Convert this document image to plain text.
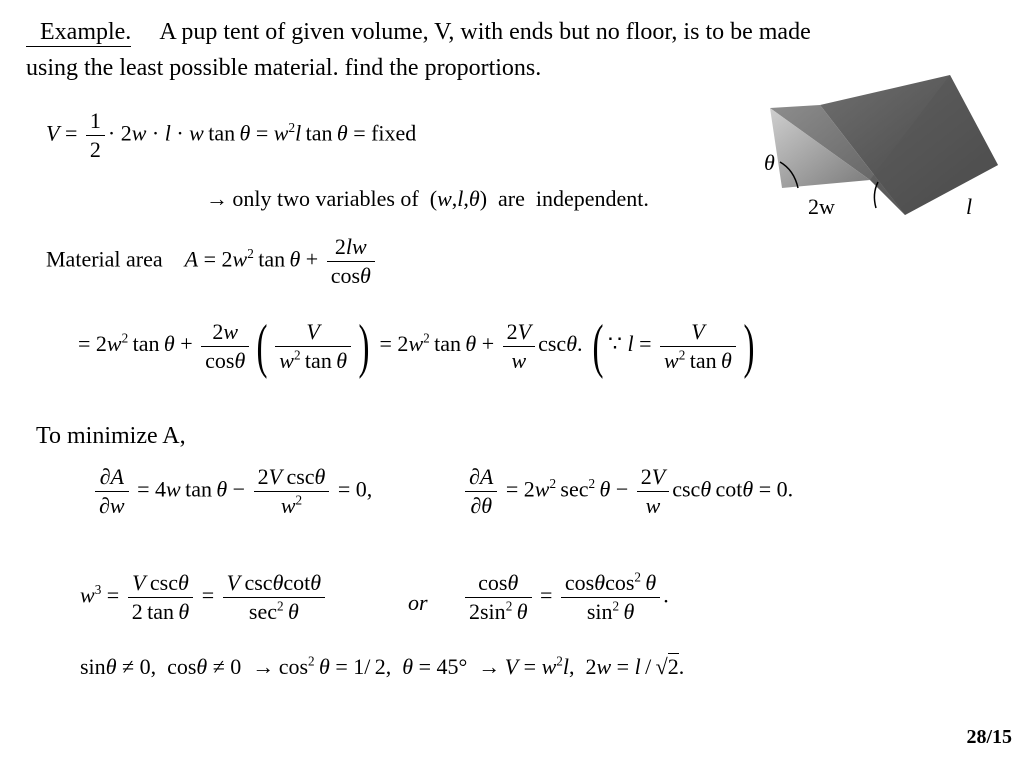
Example. A pup tent of given volume, V, with ends but no floor, is to be made
using the least possible material. find the proportions.
$V = \frac{1}{2} \cdot 2w \cdot l \cdot w$ $\tan \theta = w^2l$ tan θ = fixed
→ only two variables of  (w,l,θ)  are  independent.
θ
2w	l
Material area $A = 2w^2$ $\tan \theta + \frac{2lw}{\cos\theta}$
= $2w^2$ $\tan \theta + \frac{2w}{\cos\theta}$ ( $\frac{V}{w^2 \tan \theta}$ ) = $2w^2$ $\tan \theta + \frac{2V}{w} \csc\theta$. ( ∵ $l = \frac{V}{w^2 \tan \theta}$ )
To minimize A,
$\frac{\partial A}{\partial w} = 4w$ $\tan \theta - \frac{\text{2V cscθ}}{w^2} = 0$,	$\frac{\partial A}{\partial\theta} = 2w^2$ $\sec^2 \theta - \frac{2V}{w}$ cscθ cotθ = 0.
$w^3 = \frac{\text{V cscθ}}{\text{2 tan θ}} = \frac{\text{V cscθcotθ}}{\sec^2 \theta}$	or $\frac{\cos\theta}{2\sin^2 \theta} = \frac{\cos\theta\cos^2 \theta}{\sin^2 \theta}$ .
sinθ ≠ 0,  $\cos\theta \ne 0 \to \cos^2 \theta = 1/$ 2,  $\theta = 45^\circ \to V = w^2l$,  2w = l / √2.
28/15
